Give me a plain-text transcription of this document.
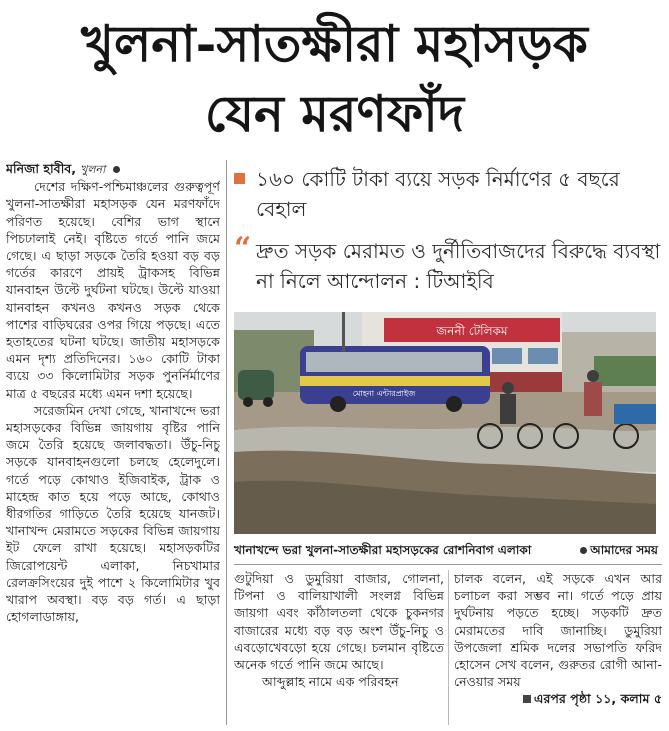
খুলনা-সাতক্ষীরা মহাসড়ক
যেন মরণফাঁদ

মনিজা হাবীব, খুলনা

দেশের দক্ষিণ-পশ্চিমাঞ্চলের গুরুত্বপূর্ণ খুলনা-সাতক্ষীরা মহাসড়ক যেন মরণফাঁদে পরিণত হয়েছে। বেশির ভাগ স্থানে পিচঢালাই নেই। বৃষ্টিতে গর্তে পানি জমে গেছে। এ ছাড়া সড়কে তৈরি হওয়া বড় বড় গর্তের কারণে প্রায়ই ট্রাকসহ বিভিন্ন যানবাহন উল্টে দুর্ঘটনা ঘটছে। উল্টে যাওয়া যানবাহন কখনও কখনও সড়ক থেকে পাশের বাড়িঘরের ওপর গিয়ে পড়ছে। এতে হতাহতের ঘটনা ঘটছে। জাতীয় মহাসড়কে এমন দৃশ্য প্রতিদিনের। ১৬০ কোটি টাকা ব্যয়ে ৩৩ কিলোমিটার সড়ক পুনর্নির্মাণের মাত্র ৫ বছরের মধ্যে এমন দশা হয়েছে।

সরেজমিন দেখা গেছে, খানাখন্দে ভরা মহাসড়কের বিভিন্ন জায়গায় বৃষ্টির পানি জমে তৈরি হয়েছে জলাবদ্ধতা। উঁচু-নিচু সড়কে যানবাহনগুলো চলছে হেলেদুলে। গর্তে পড়ে কোথাও ইজিবাইক, ট্রাক ও মাহেন্দ্র কাত হয়ে পড়ে আছে, কোথাও ধীরগতির গাড়িতে তৈরি হয়েছে যানজট। খানাখন্দ মেরামতে সড়কের বিভিন্ন জায়গায় ইট ফেলে রাখা হয়েছে। মহাসড়কটির জিরোপয়েন্ট এলাকা, নিচখামার রেলক্রসিংয়ের দুই পাশে ২ কিলোমিটার খুব খারাপ অবস্থা। বড় বড় গর্ত। এ ছাড়া হোগলাডাঙ্গায়,

১৬০ কোটি টাকা ব্যয়ে সড়ক নির্মাণের ৫ বছরে বেহাল
“ দ্রুত সড়ক মেরামত ও দুর্নীতিবাজদের বিরুদ্ধে ব্যবস্থা না নিলে আন্দোলন : টিআইবি
জননী টেলিকম
মোহনা এন্টারপ্রাইজ
খানাখন্দে ভরা খুলনা-সাতক্ষীরা মহাসড়কের রোশনিবাগ এলাকা	আমাদের সময়

গুটুদিয়া ও ডুমুরিয়া বাজার, গোলনা, টিপনা ও বালিয়াখালী সংলগ্ন বিভিন্ন জায়গা এবং কাঁঠালতলা থেকে চুকনগর বাজারের মধ্যে বড় বড় অংশ উঁচু-নিচু ও এবড়োখেবড়ো হয়ে গেছে। চলমান বৃষ্টিতে অনেক গর্তে পানি জমে আছে।

আব্দুল্লাহ নামে এক পরিবহন

চালক বলেন, এই সড়কে এখন আর চলাচল করা সম্ভব না। গর্তে পড়ে প্রায় দুর্ঘটনায় পড়তে হচ্ছে। সড়কটি দ্রুত মেরামতের দাবি জানাচ্ছি। ডুমুরিয়া উপজেলা শ্রমিক দলের সভাপতি ফরিদ হোসেন সেখ বলেন, গুরুতর রোগী আনা-নেওয়ার সময়

এরপর পৃষ্ঠা ১১, কলাম ৫
